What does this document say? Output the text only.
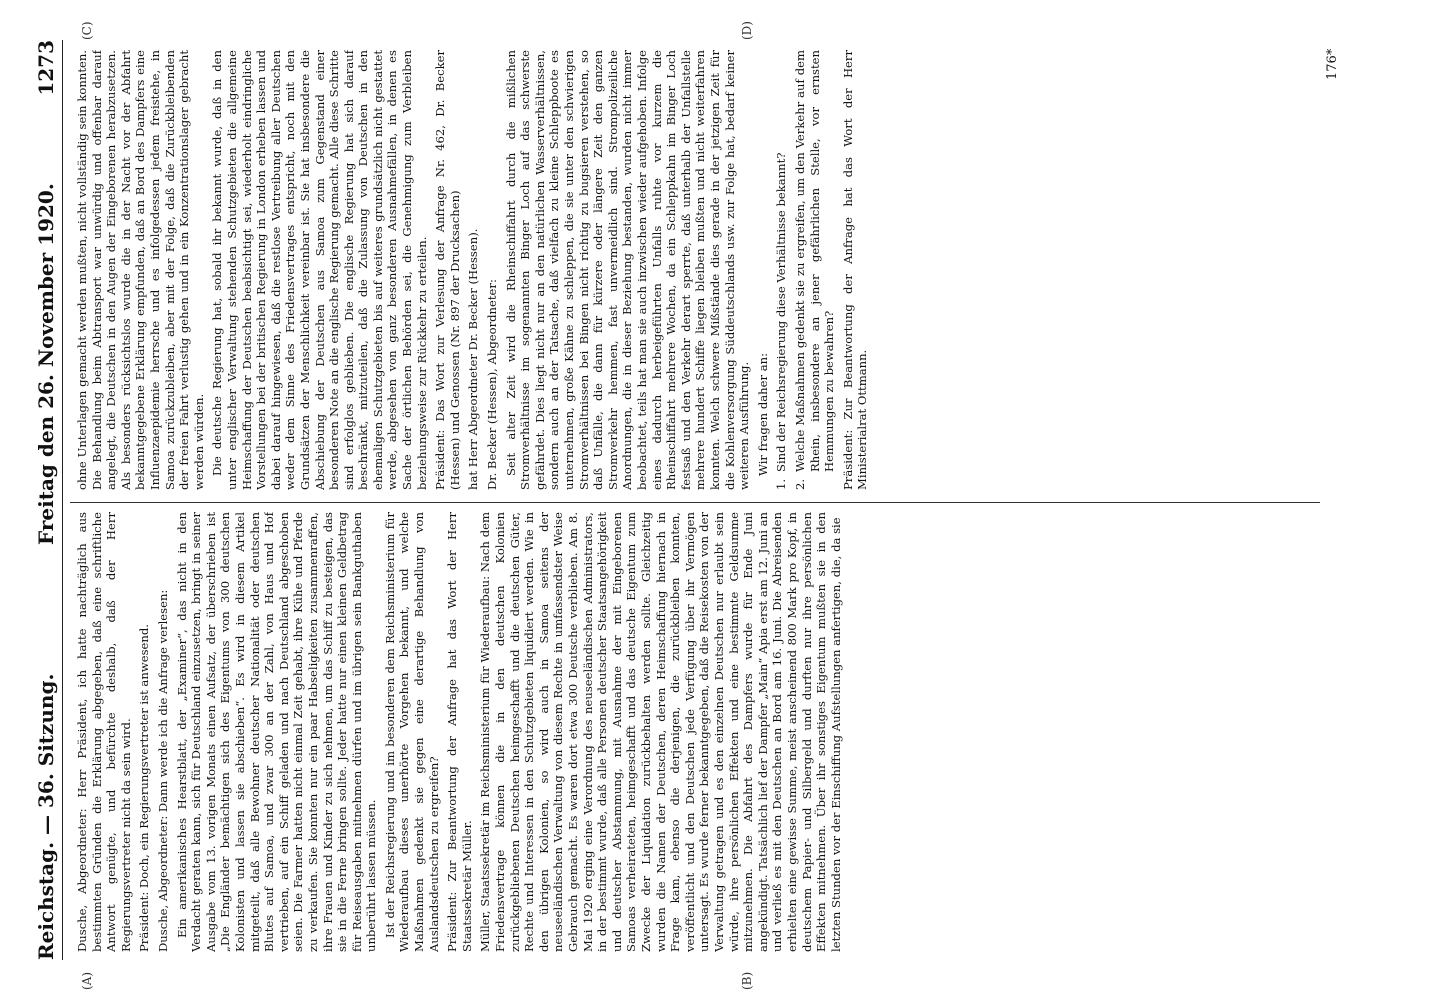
Reichstag. — 36. Sitzung.
Freitag den 26. November 1920.
1273
(A)	(B)
(C)	(D)

Dusche, Abgeordneter: Herr Präsident, ich hatte nachträglich aus bestimmten Gründen die Erklärung abgegeben, daß eine schriftliche Antwort genügte, und befürchte deshalb, daß der Herr Regierungsvertreter nicht da sein wird. Präsident: Doch, ein Regierungsvertreter ist anwesend. Dusche, Abgeordneter: Dann werde ich die Anfrage verlesen: Ein amerikanisches Hearstblatt, der „Examiner“, das nicht in den Verdacht geraten kann, sich für Deutschland einzusetzen, bringt in seiner Ausgabe vom 13. vorigen Monats einen Aufsatz, der überschrieben ist „Die Engländer bemächtigen sich des Eigentums von 300 deutschen Kolonisten und lassen sie abschieben“. Es wird in diesem Artikel mitgeteilt, daß alle Bewohner deutscher Nationalität oder deutschen Blutes auf Samoa, und zwar 300 an der Zahl, von Haus und Hof vertrieben, auf ein Schiff geladen und nach Deutschland abgeschoben seien. Die Farmer hatten nicht einmal Zeit gehabt, ihre Kühe und Pferde zu verkaufen. Sie konnten nur ein paar Habseligkeiten zusammenraffen, ihre Frauen und Kinder zu sich nehmen, um das Schiff zu besteigen, das sie in die Ferne bringen sollte. Jeder hatte nur einen kleinen Geldbetrag für Reiseausgaben mitnehmen dürfen und im übrigen sein Bankguthaben unberührt lassen müssen. Ist der Reichsregierung und im besonderen dem Reichsministerium für Wiederaufbau dieses unerhörte Vorgehen bekannt, und welche Maßnahmen gedenkt sie gegen eine derartige Behandlung von Auslandsdeutschen zu ergreifen? Präsident: Zur Beantwortung der Anfrage hat das Wort der Herr Staatssekretär Müller. Müller, Staatssekretär im Reichsministerium für Wiederaufbau: Nach dem Friedensvertrage können die in den deutschen Kolonien zurückgebliebenen Deutschen heimgeschafft und die deutschen Güter, Rechte und Interessen in den Schutzgebieten liquidiert werden. Wie in den übrigen Kolonien, so wird auch in Samoa seitens der neuseeländischen Verwaltung von diesem Rechte in umfassendster Weise Gebrauch gemacht. Es waren dort etwa 300 Deutsche verblieben. Am 8. Mai 1920 erging eine Verordnung des neuseeländischen Administrators, in der bestimmt wurde, daß alle Personen deutscher Staatsangehörigkeit und deutscher Abstammung, mit Ausnahme der mit Eingeborenen Samoas verheirateten, heimgeschafft und das deutsche Eigentum zum Zwecke der Liquidation zurückbehalten werden sollte. Gleichzeitig wurden die Namen der Deutschen, deren Heimschaffung hiernach in Frage kam, ebenso die derjenigen, die zurückbleiben konnten, veröffentlicht und den Deutschen jede Verfügung über ihr Vermögen untersagt. Es wurde ferner bekanntgegeben, daß die Reisekosten von der Verwaltung getragen und es den einzelnen Deutschen nur erlaubt sein würde, ihre persönlichen Effekten und eine bestimmte Geldsumme mitzunehmen. Die Abfahrt des Dampfers wurde für Ende Juni angekündigt. Tatsächlich lief der Dampfer „Main“ Apia erst am 12. Juni an und verließ es mit den Deutschen an Bord am 16. Juni. Die Abreisenden erhielten eine gewisse Summe, meist anscheinend 800 Mark pro Kopf, in deutschem Papier- und Silbergeld und durften nur ihre persönlichen Effekten mitnehmen. Über ihr sonstiges Eigentum mußten sie in den letzten Stunden vor der Einschiffung Aufstellungen anfertigen, die, da sie

ohne Unterlagen gemacht werden mußten, nicht vollständig sein konnten. Die Behandlung beim Abtransport war unwürdig und offenbar darauf angelegt, die Deutschen in den Augen der Eingeborenen herabzusetzen. Als besonders rücksichtslos wurde die in der Nacht vor der Abfahrt bekanntgegebene Erklärung empfunden, daß an Bord des Dampfers eine Influenzaepidemie herrsche und es infolgedessen jedem freistehe, in Samoa zurückzubleiben, aber mit der Folge, daß die Zurückbleibenden der freien Fahrt verlustig gehen und in ein Konzentrationslager gebracht werden würden. Die deutsche Regierung hat, sobald ihr bekannt wurde, daß in den unter englischer Verwaltung stehenden Schutzgebieten die allgemeine Heimschaffung der Deutschen beabsichtigt sei, wiederholt eindringliche Vorstellungen bei der britischen Regierung in London erheben lassen und dabei darauf hingewiesen, daß die restlose Vertreibung aller Deutschen weder dem Sinne des Friedensvertrages entspricht, noch mit den Grundsätzen der Menschlichkeit vereinbar ist. Sie hat insbesondere die Abschiebung der Deutschen aus Samoa zum Gegenstand einer besonderen Note an die englische Regierung gemacht. Alle diese Schritte sind erfolglos geblieben. Die englische Regierung hat sich darauf beschränkt, mitzuteilen, daß die Zulassung von Deutschen in den ehemaligen Schutzgebieten bis auf weiteres grundsätzlich nicht gestattet werde, abgesehen von ganz besonderen Ausnahmefällen, in denen es Sache der örtlichen Behörden sei, die Genehmigung zum Verbleiben beziehungsweise zur Rückkehr zu erteilen. Präsident: Das Wort zur Verlesung der Anfrage Nr. 462, Dr. Becker (Hessen) und Genossen (Nr. 897 der Drucksachen) hat Herr Abgeordneter Dr. Becker (Hessen). Dr. Becker (Hessen), Abgeordneter: Seit alter Zeit wird die Rheinschiffahrt durch die mißlichen Stromverhältnisse im sogenannten Binger Loch auf das schwerste gefährdet. Dies liegt nicht nur an den natürlichen Wasserverhältnissen, sondern auch an der Tatsache, daß vielfach zu kleine Schleppboote es unternehmen, große Kähne zu schleppen, die sie unter den schwierigen Stromverhältnissen bei Bingen nicht richtig zu bugsieren verstehen, so daß Unfälle, die dann für kürzere oder längere Zeit den ganzen Stromverkehr hemmen, fast unvermeidlich sind. Strompolizeiliche Anordnungen, die in dieser Beziehung bestanden, wurden nicht immer beobachtet, teils hat man sie auch inzwischen wieder aufgehoben. Infolge eines dadurch herbeigeführten Unfalls ruhte vor kurzem die Rheinschiffahrt mehrere Wochen, da ein Schleppkahn im Binger Loch festsaß und den Verkehr derart sperrte, daß unterhalb der Unfallstelle mehrere hundert Schiffe liegen bleiben mußten und nicht weiterfahren konnten. Welch schwere Mißstände dies gerade in der jetzigen Zeit für die Kohlenversorgung Süddeutschlands usw. zur Folge hat, bedarf keiner weiteren Ausführung. Wir fragen daher an:

1.
Sind der Reichsregierung diese Verhältnisse bekannt?

2.
Welche Maßnahmen gedenkt sie zu ergreifen, um den Verkehr auf dem Rhein, insbesondere an jener gefährlichen Stelle, vor ernsten Hemmungen zu bewahren? Präsident: Zur Beantwortung der Anfrage hat das Wort der Herr Ministerialrat Ottmann.

176*
